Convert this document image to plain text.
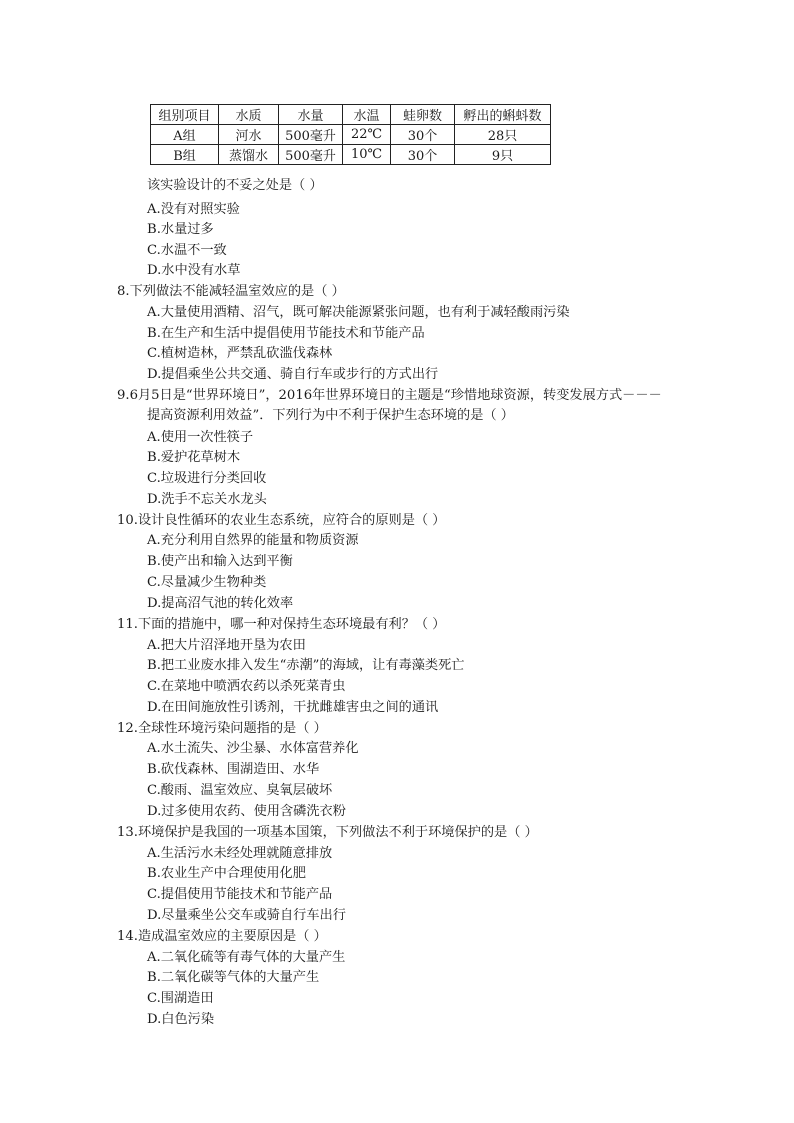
组别项目	水质	水量	水温	蛙卵数	孵出的蝌蚪数
A组	河水	500毫升	22℃	30个	28只
B组	蒸馏水	500毫升	10℃	30个	9只
该实验设计的不妥之处是（ ）
A.没有对照实验
B.水量过多
C.水温不一致
D.水中没有水草
8.下列做法不能减轻温室效应的是（ ）
A.大量使用酒精、沼气，既可解决能源紧张问题，也有利于减轻酸雨污染
B.在生产和生活中提倡使用节能技术和节能产品
C.植树造林，严禁乱砍滥伐森林
D.提倡乘坐公共交通、骑自行车或步行的方式出行
9.6月5日是“世界环境日”，2016年世界环境日的主题是“珍惜地球资源，转变发展方式－－－
提高资源利用效益”．下列行为中不利于保护生态环境的是（ ）
A.使用一次性筷子
B.爱护花草树木
C.垃圾进行分类回收
D.洗手不忘关水龙头
10.设计良性循环的农业生态系统，应符合的原则是（ ）
A.充分利用自然界的能量和物质资源
B.使产出和输入达到平衡
C.尽量减少生物种类
D.提高沼气池的转化效率
11.下面的措施中，哪一种对保持生态环境最有利？（ ）
A.把大片沼泽地开垦为农田
B.把工业废水排入发生“赤潮”的海域，让有毒藻类死亡
C.在菜地中喷洒农药以杀死菜青虫
D.在田间施放性引诱剂，干扰雌雄害虫之间的通讯
12.全球性环境污染问题指的是（ ）
A.水土流失、沙尘暴、水体富营养化
B.砍伐森林、围湖造田、水华
C.酸雨、温室效应、臭氧层破坏
D.过多使用农药、使用含磷洗衣粉
13.环境保护是我国的一项基本国策，下列做法不利于环境保护的是（ ）
A.生活污水未经处理就随意排放
B.农业生产中合理使用化肥
C.提倡使用节能技术和节能产品
D.尽量乘坐公交车或骑自行车出行
14.造成温室效应的主要原因是（ ）
A.二氧化硫等有毒气体的大量产生
B.二氧化碳等气体的大量产生
C.围湖造田
D.白色污染
